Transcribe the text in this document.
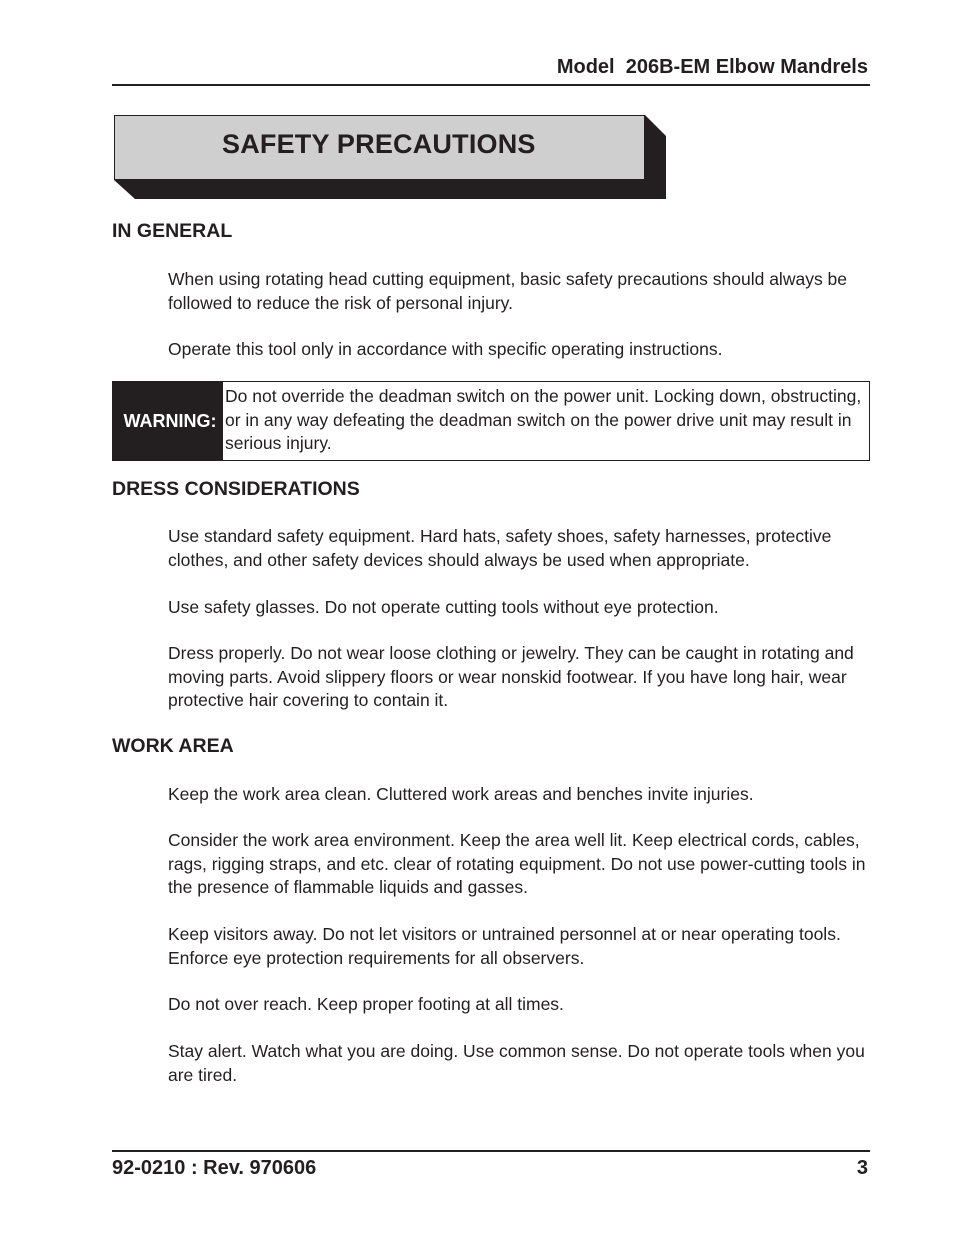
Model  206B-EM Elbow Mandrels
SAFETY PRECAUTIONS
IN GENERAL
When using rotating head cutting equipment, basic safety precautions should always be followed to reduce the risk of personal injury.
Operate this tool only in accordance with specific operating instructions.
WARNING:
Do not override the deadman switch on the power unit. Locking down, obstructing, or in any way defeating the deadman switch on the power drive unit may result in serious injury.
DRESS CONSIDERATIONS
Use standard safety equipment. Hard hats, safety shoes, safety harnesses, protective clothes, and other safety devices should always be used when appropriate.
Use safety glasses. Do not operate cutting tools without eye protection.
Dress properly. Do not wear loose clothing or jewelry. They can be caught in rotating and moving parts. Avoid slippery floors or wear nonskid footwear. If you have long hair, wear protective hair covering to contain it.
WORK AREA
Keep the work area clean. Cluttered work areas and benches invite injuries.
Consider the work area environment. Keep the area well lit. Keep electrical cords, cables, rags, rigging straps, and etc. clear of rotating equipment. Do not use power-cutting tools in the presence of flammable liquids and gasses.
Keep visitors away. Do not let visitors or untrained personnel at or near operating tools. Enforce eye protection requirements for all observers.
Do not over reach. Keep proper footing at all times.
Stay alert. Watch what you are doing. Use common sense. Do not operate tools when you are tired.
92-0210 : Rev. 970606	3
